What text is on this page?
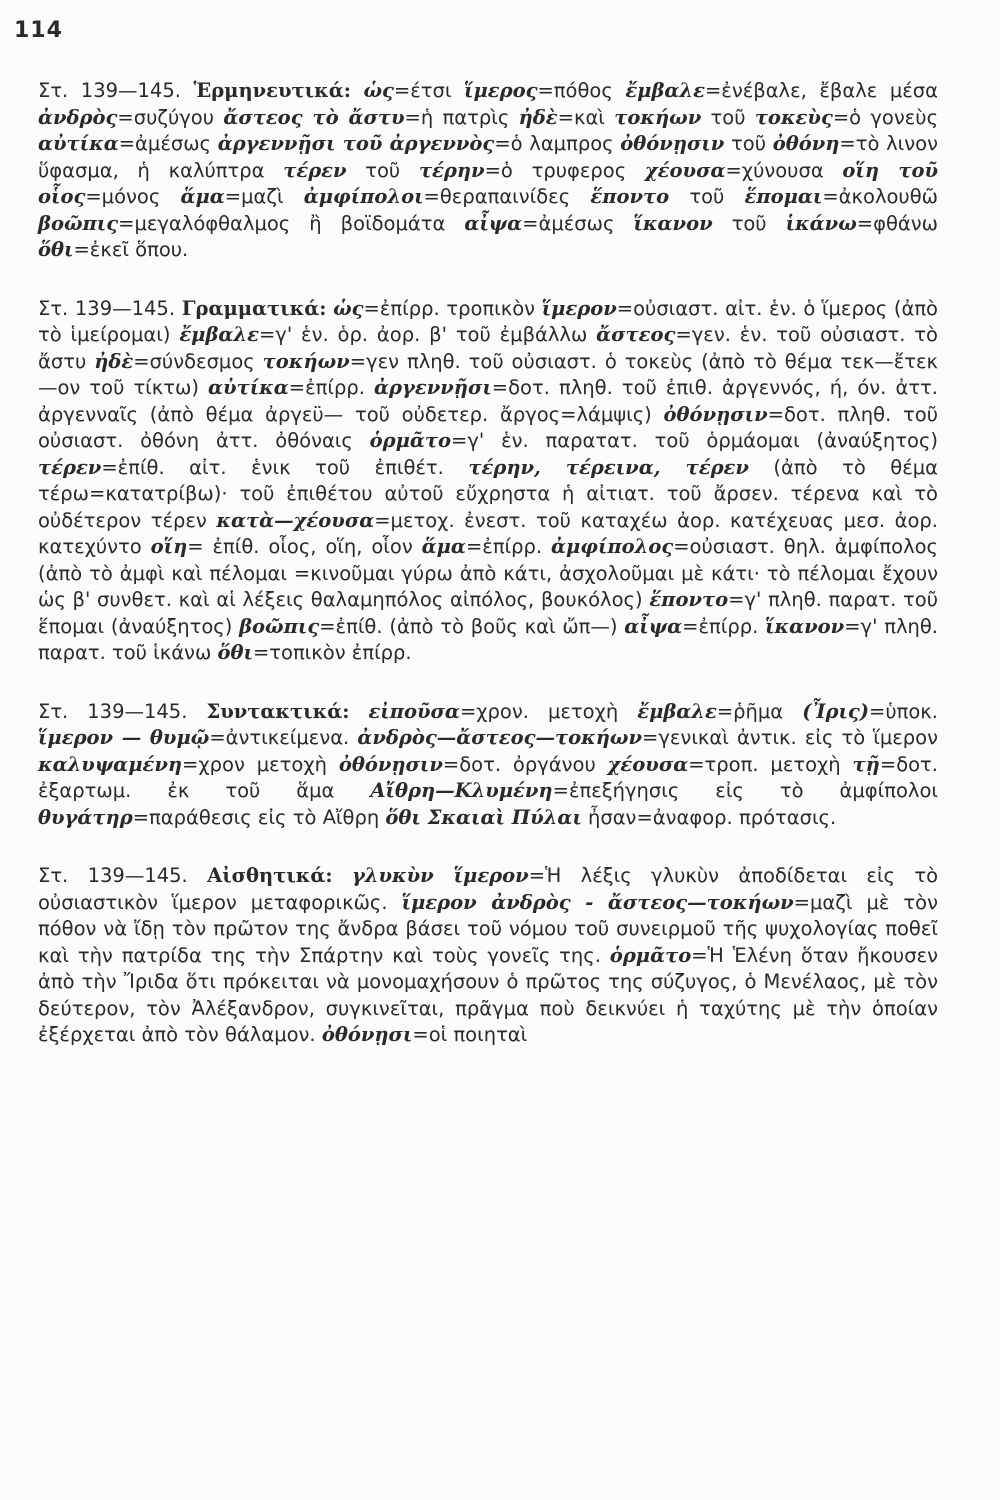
114

Στ. 139—145. Ἑρμηνευτικά: ὡς=έτσι ἵμερος=πόθος ἔμβαλε=ἐνέβαλε, ἔβαλε μέσα ἀνδρὸς=συζύγου ἄστεος τὸ ἄστυ=ἡ πατρὶς ἠδὲ=καὶ τοκήων τοῦ τοκεὺς=ὁ γονεὺς αὐτίκα=ἀμέσως ἀργεννῇσι τοῦ ἀργεννὸς=ὁ λαμπρος ὀθόνῃσιν τοῦ ὀθόνη=τὸ λινον ὕφασμα, ἡ καλύπτρα τέρεν τοῦ τέρην=ὁ τρυφερος χέουσα=χύνουσα οἵη τοῦ οἷος=μόνος ἅμα=μαζὶ ἀμφίπολοι=θεραπαινίδες ἕποντο τοῦ ἕπομαι=ἀκολουθῶ βοῶπις=μεγαλόφθαλμος ἢ βοϊδομάτα αἶψα=ἀμέσως ἵκανον τοῦ ἱκάνω=φθάνω ὅθι=ἐκεῖ ὅπου.

Στ. 139—145. Γραμματικά: ὡς=ἐπίρρ. τροπικὸν ἵμερον=οὐσιαστ. αἰτ. ἑν. ὁ ἵμερος (ἀπὸ τὸ ἱμείρομαι) ἔμβαλε=γ' ἑν. ὁρ. ἀορ. β' τοῦ ἐμβάλλω ἄστεος=γεν. ἑν. τοῦ οὐσιαστ. τὸ ἄστυ ἠδὲ=σύνδεσμος τοκήων=γεν πληθ. τοῦ οὐσιαστ. ὁ τοκεὺς (ἀπὸ τὸ θέμα τεκ—ἔτεκ—ον τοῦ τίκτω) αὐτίκα=ἐπίρρ. ἀργεννῇσι=δοτ. πληθ. τοῦ ἐπιθ. ἀργεννός, ή, όν. ἀττ. ἀργενναῖς (ἀπὸ θέμα ἀργεϋ— τοῦ οὐδετερ. ἄργος=λάμψις) ὀθόνῃσιν=δοτ. πληθ. τοῦ οὐσιαστ. ὀθόνη ἀττ. ὀθόναις ὁρμᾶτο=γ' ἑν. παρατατ. τοῦ ὁρμάομαι (ἀναύξητος) τέρεν=ἐπίθ. αἰτ. ἑνικ τοῦ ἐπιθέτ. τέρην, τέρεινα, τέρεν (ἀπὸ τὸ θέμα τέρω=κατατρίβω)· τοῦ ἐπιθέτου αὐτοῦ εὔχρηστα ἡ αἰτιατ. τοῦ ἄρσεν. τέρενα καὶ τὸ οὐδέτερον τέρεν κατὰ—χέουσα=μετοχ. ἐνεστ. τοῦ καταχέω ἀορ. κατέχευας μεσ. ἀορ. κατεχύντο οἵη= ἐπίθ. οἷος, οἵη, οἷον ἅμα=ἐπίρρ. ἀμφίπολος=οὐσιαστ. θηλ. ἀμφίπολος (ἀπὸ τὸ ἀμφὶ καὶ πέλομαι =κινοῦμαι γύρω ἀπὸ κάτι, ἀσχολοῦμαι μὲ κάτι· τὸ πέλομαι ἔχουν ὡς β' συνθετ. καὶ αἱ λέξεις θαλαμηπόλος αἰπόλος, βουκόλος) ἕποντο=γ' πληθ. παρατ. τοῦ ἕπομαι (ἀναύξητος) βοῶπις=ἐπίθ. (ἀπὸ τὸ βοῦς καὶ ὤπ—) αἶψα=ἐπίρρ. ἵκανον=γ' πληθ. παρατ. τοῦ ἱκάνω ὅθι=τοπικὸν ἐπίρρ.

Στ. 139—145. Συντακτικά: εἰποῦσα=χρον. μετοχὴ ἔμβαλε=ῥῆμα (Ἶρις)=ὑποκ. ἵμερον — θυμῷ=ἀντικείμενα. ἀνδρὸς—ἄστεος—τοκήων=γενικαὶ ἀντικ. εἰς τὸ ἵμερον καλυψαμένη=χρον μετοχὴ ὀθόνῃσιν=δοτ. ὀργάνου χέουσα=τροπ. μετοχὴ τῇ=δοτ. ἐξαρτωμ. ἐκ τοῦ ἅμα Αἴθρη—Κλυμένη=ἐπεξήγησις εἰς τὸ ἀμφίπολοι θυγάτηρ=παράθεσις εἰς τὸ Αἴθρη ὅθι Σκαιαὶ Πύλαι ἦσαν=ἀναφορ. πρότασις.

Στ. 139—145. Αἰσθητικά: γλυκὺν ἵμερον=Ἡ λέξις γλυκὺν ἀποδίδεται εἰς τὸ οὐσιαστικὸν ἵμερον μεταφορικῶς. ἵμερον ἀνδρὸς - ἄστεος—τοκήων=μαζὶ μὲ τὸν πόθον νὰ ἴδῃ τὸν πρῶτον της ἄνδρα βάσει τοῦ νόμου τοῦ συνειρμοῦ τῆς ψυχολογίας ποθεῖ καὶ τὴν πατρίδα της τὴν Σπάρτην καὶ τοὺς γονεῖς της. ὁρμᾶτο=Ἡ Ἑλένη ὅταν ἤκουσεν ἀπὸ τὴν Ἴριδα ὅτι πρόκειται νὰ μονομαχήσουν ὁ πρῶτος της σύζυγος, ὁ Μενέλαος, μὲ τὸν δεύτερον, τὸν Ἀλέξανδρον, συγκινεῖται, πρᾶγμα ποὺ δεικνύει ἡ ταχύτης μὲ τὴν ὁποίαν ἐξέρχεται ἀπὸ τὸν θάλαμον. ὀθόνῃσι=οἱ ποιηταὶ
